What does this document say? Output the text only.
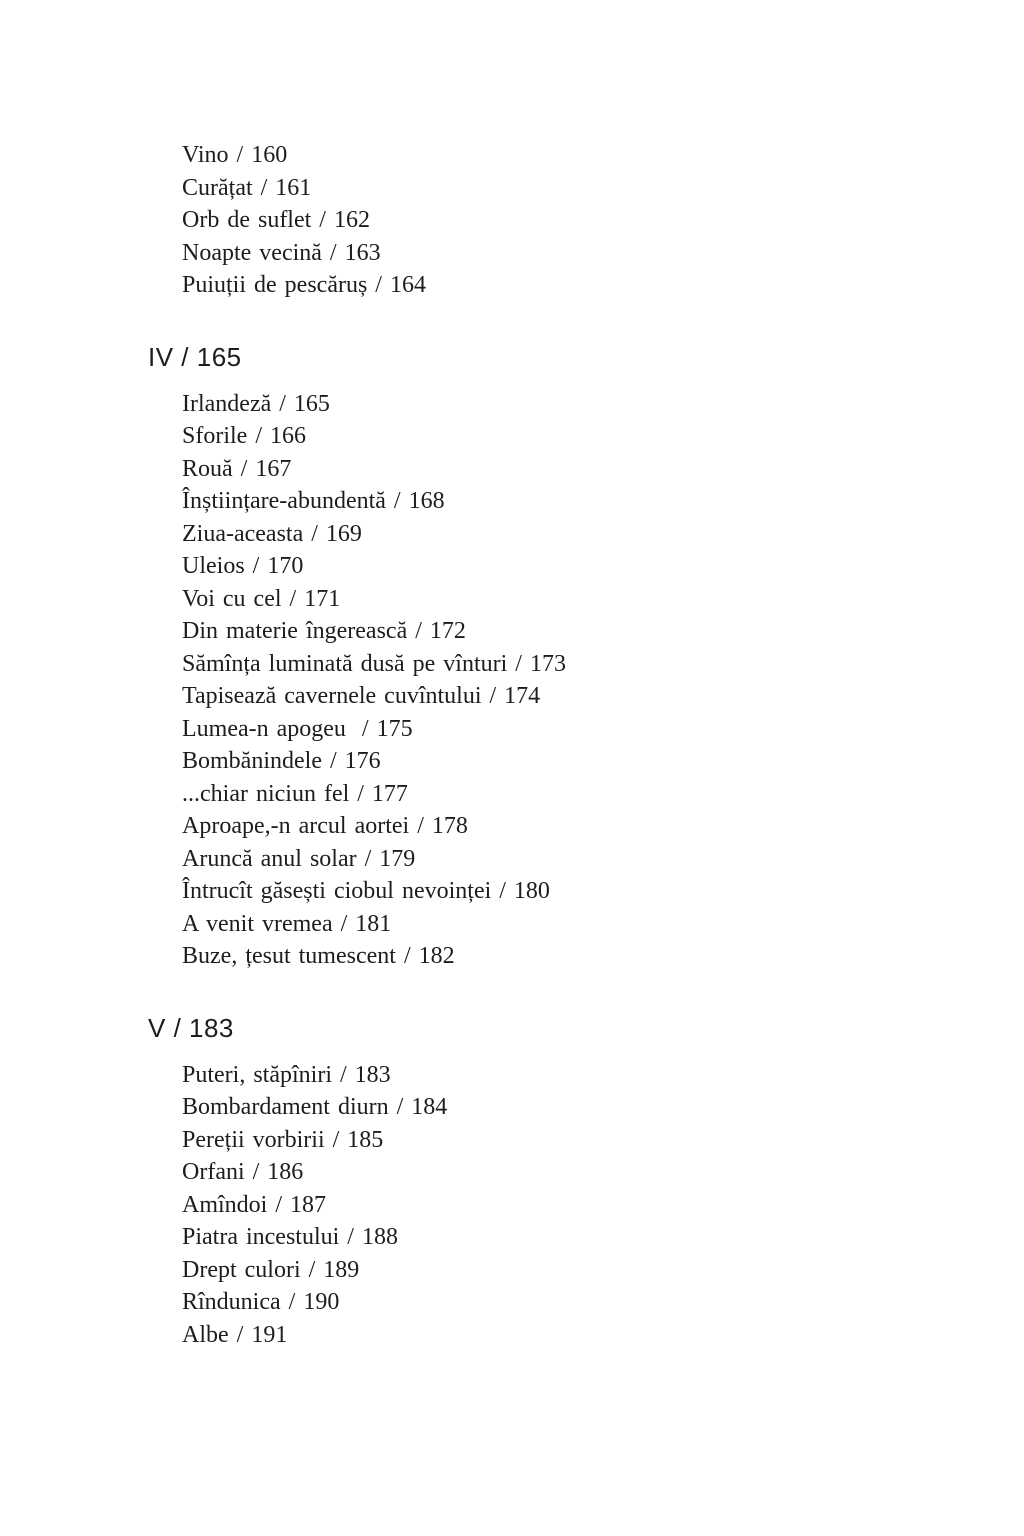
Vino / 160
Curățat / 161
Orb de suflet / 162
Noapte vecină / 163
Puiuții de pescăruș / 164
IV / 165
Irlandeză / 165
Sforile / 166
Rouă / 167
Înștiințare-abundentă / 168
Ziua-aceasta / 169
Uleios / 170
Voi cu cel / 171
Din materie îngerească / 172
Sămînța luminată dusă pe vînturi / 173
Tapisează cavernele cuvîntului / 174
Lumea-n apogeu  / 175
Bombănindele / 176
...chiar niciun fel / 177
Aproape,-n arcul aortei / 178
Aruncă anul solar / 179
Întrucît găsești ciobul nevoinței / 180
A venit vremea / 181
Buze, țesut tumescent / 182
V / 183
Puteri, stăpîniri / 183
Bombardament diurn / 184
Pereții vorbirii / 185
Orfani / 186
Amîndoi / 187
Piatra incestului / 188
Drept culori / 189
Rîndunica / 190
Albe / 191
